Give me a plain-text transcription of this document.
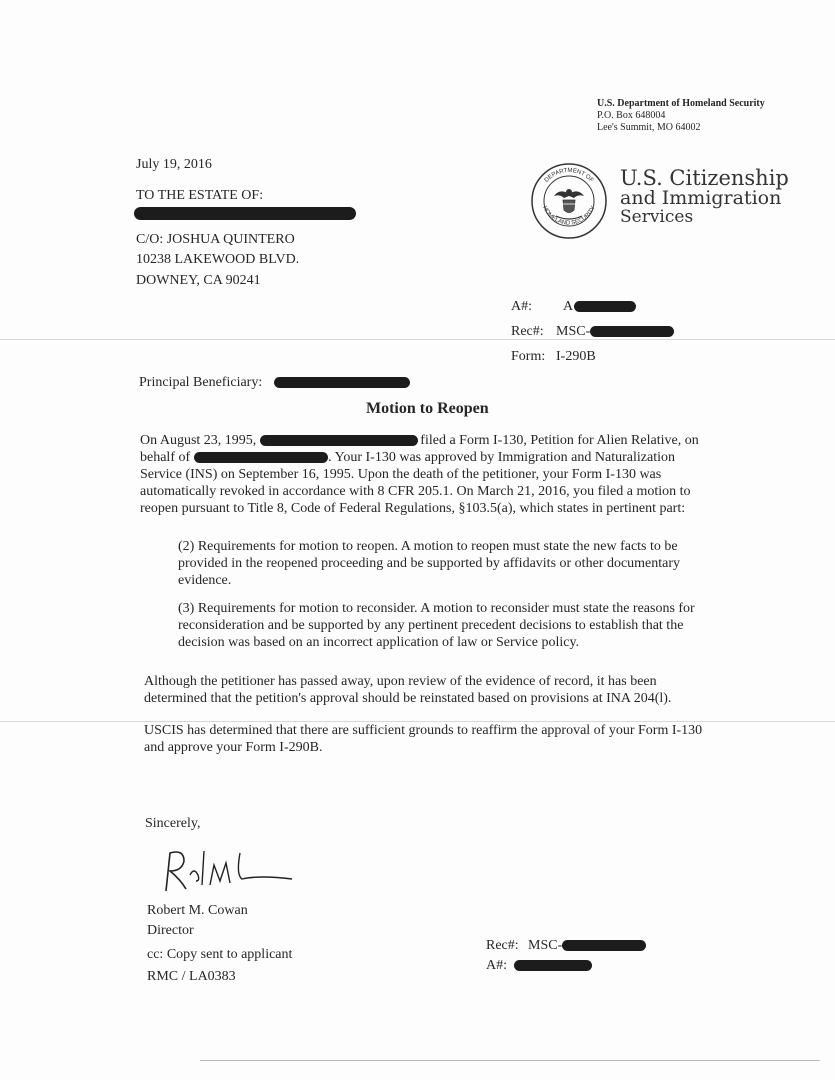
U.S. Department of Homeland Security
P.O. Box 648004
Lee's Summit, MO 64002
DEPARTMENT OF
HOMELAND SECURITY
U.S. Citizenship
and Immigration
Services
July 19, 2016
TO THE ESTATE OF:
C/O: JOSHUA QUINTERO
10238 LAKEWOOD BLVD.
DOWNEY, CA 90241
A#: A
Rec#: MSC-
Form: I-290B
Principal Beneficiary:
Motion to Reopen
On August 23, 1995,	filed a Form I-130, Petition for Alien Relative, on
behalf of	. Your I-130 was approved by Immigration and Naturalization
Service (INS) on September 16, 1995. Upon the death of the petitioner, your Form I-130 was
automatically revoked in accordance with 8 CFR 205.1. On March 21, 2016, you filed a motion to
reopen pursuant to Title 8, Code of Federal Regulations, §103.5(a), which states in pertinent part:
(2) Requirements for motion to reopen. A motion to reopen must state the new facts to be
provided in the reopened proceeding and be supported by affidavits or other documentary
evidence.
(3) Requirements for motion to reconsider. A motion to reconsider must state the reasons for
reconsideration and be supported by any pertinent precedent decisions to establish that the
decision was based on an incorrect application of law or Service policy.
Although the petitioner has passed away, upon review of the evidence of record, it has been
determined that the petition's approval should be reinstated based on provisions at INA 204(l).
USCIS has determined that there are sufficient grounds to reaffirm the approval of your Form I-130
and approve your Form I-290B.
Sincerely,
Robert M. Cowan
Director
cc: Copy sent to applicant
RMC / LA0383
Rec#: MSC-
A#:
